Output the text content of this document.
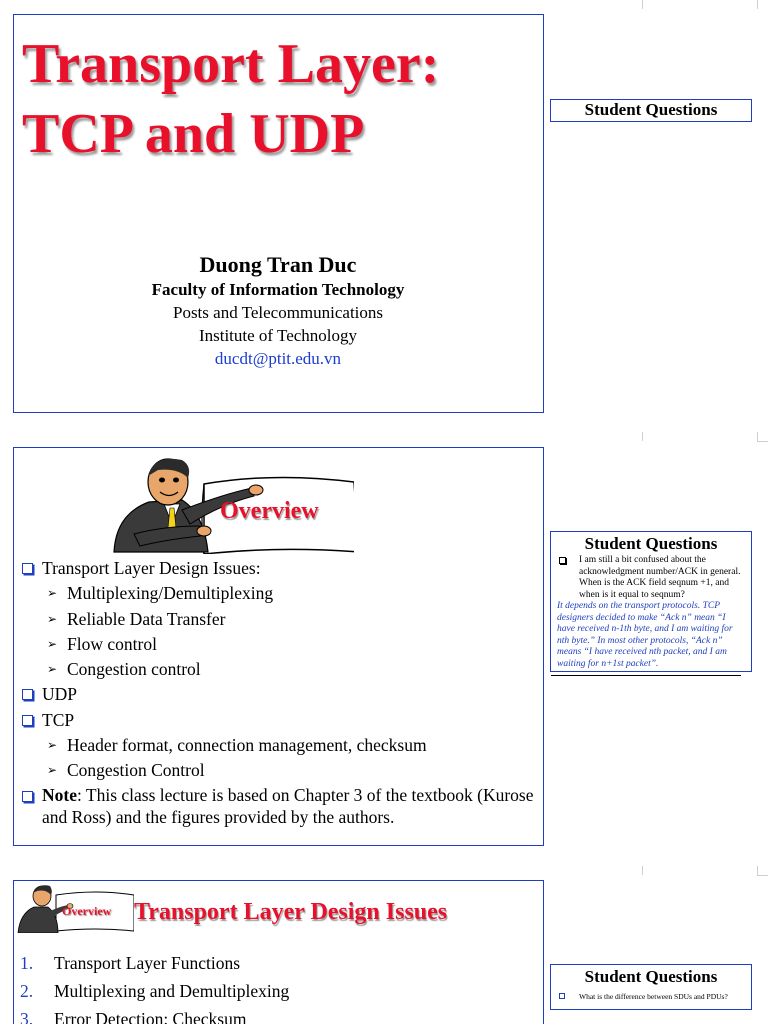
Transport Layer:
TCP and UDP
Duong Tran Duc
Faculty of Information Technology
Posts and Telecommunications
Institute of Technology
ducdt@ptit.edu.vn
Student Questions
Overview
Transport Layer Design Issues:
➢ Multiplexing/Demultiplexing
➢ Reliable Data Transfer
➢ Flow control
➢ Congestion control
UDP
TCP
➢ Header format, connection management, checksum
➢ Congestion Control
Note: This class lecture is based on Chapter 3 of the textbook (Kurose and Ross) and the figures provided by the authors.
Student Questions
I am still a bit confused about the acknowledgment number/ACK in general. When is the ACK field seqnum +1, and when is it equal to seqnum?
It depends on the transport protocols. TCP designers decided to make “Ack n” mean “I have received n-1th byte, and I am waiting for nth byte.” In most other protocols, “Ack n” means “I have received nth packet, and I am waiting for n+1st packet”.
Overview Transport Layer Design Issues
1. Transport Layer Functions
2. Multiplexing and Demultiplexing
3. Error Detection: Checksum
Student Questions
What is the difference between SDUs and PDUs?
